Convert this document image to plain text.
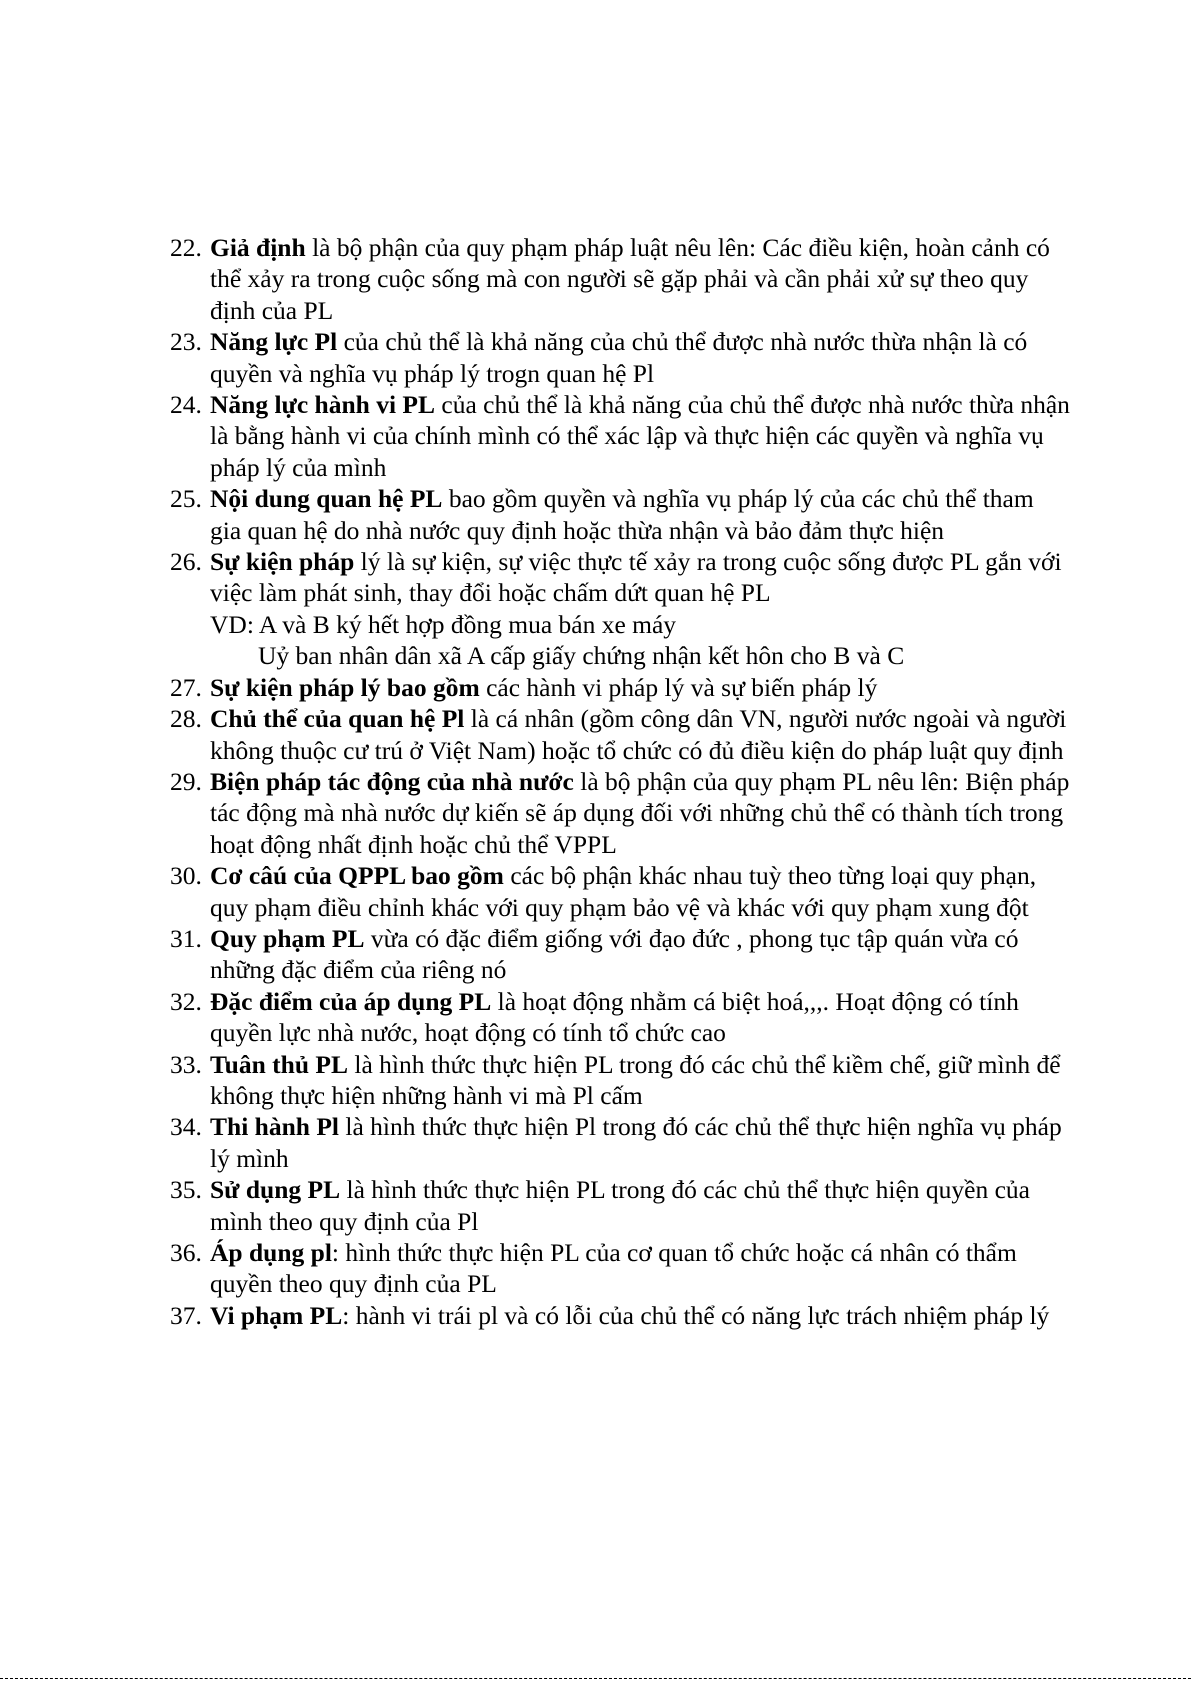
22. Giả định là bộ phận của quy phạm pháp luật nêu lên: Các điều kiện, hoàn cảnh có thể xảy ra trong cuộc sống mà con người sẽ gặp phải và cần phải xử sự theo quy định của PL
23. Năng lực Pl của chủ thể là khả năng của chủ thể được nhà nước thừa nhận là có quyền và nghĩa vụ pháp lý trogn quan hệ Pl
24. Năng lực hành vi PL của chủ thể là khả năng của chủ thể được nhà nước thừa nhận là bằng hành vi của chính mình có thể xác lập và thực hiện các quyền và nghĩa vụ pháp lý của mình
25. Nội dung quan hệ PL bao gồm quyền và nghĩa vụ pháp lý của các chủ thể tham gia quan hệ do nhà nước quy định hoặc thừa nhận và bảo đảm thực hiện
26. Sự kiện pháp lý là sự kiện, sự việc thực tế xảy ra trong cuộc sống được PL gắn với việc làm phát sinh, thay đổi hoặc chấm dứt quan hệ PL
VD: A và B ký hết hợp đồng mua bán xe máy
Uỷ ban nhân dân xã A cấp giấy chứng nhận kết hôn cho B và C
27. Sự kiện pháp lý bao gồm các hành vi pháp lý và sự biến pháp lý
28. Chủ thể của quan hệ Pl là cá nhân (gồm công dân VN, người nước ngoài và người không thuộc cư trú ở Việt Nam) hoặc tổ chức có đủ điều kiện do pháp luật quy định
29. Biện pháp tác động của nhà nước là bộ phận của quy phạm PL nêu lên: Biện pháp tác động mà nhà nước dự kiến sẽ áp dụng đối với những chủ thể có thành tích trong hoạt động nhất định hoặc chủ thể VPPL
30. Cơ câú của QPPL bao gồm các bộ phận khác nhau tuỳ theo từng loại quy phạn, quy phạm điều chỉnh khác với quy phạm bảo vệ và khác với quy phạm xung đột
31. Quy phạm PL vừa có đặc điểm giống với đạo đức , phong tục tập quán vừa có những đặc điểm của riêng nó
32. Đặc điểm của áp dụng PL là hoạt động nhằm cá biệt hoá,,,. Hoạt động có tính quyền lực nhà nước, hoạt động có tính tổ chức cao
33. Tuân thủ PL là hình thức thực hiện PL trong đó các chủ thể kiềm chế, giữ mình để không thực hiện những hành vi mà Pl cấm
34. Thi hành Pl là hình thức thực hiện Pl trong đó các chủ thể thực hiện nghĩa vụ pháp lý mình
35. Sử dụng PL là hình thức thực hiện PL trong đó các chủ thể thực hiện quyền của mình theo quy định của Pl
36. Áp dụng pl: hình thức thực hiện PL của cơ quan tổ chức hoặc cá nhân có thẩm quyền theo quy định của PL
37. Vi phạm PL: hành vi trái pl và có lỗi của chủ thể có năng lực trách nhiệm pháp lý
